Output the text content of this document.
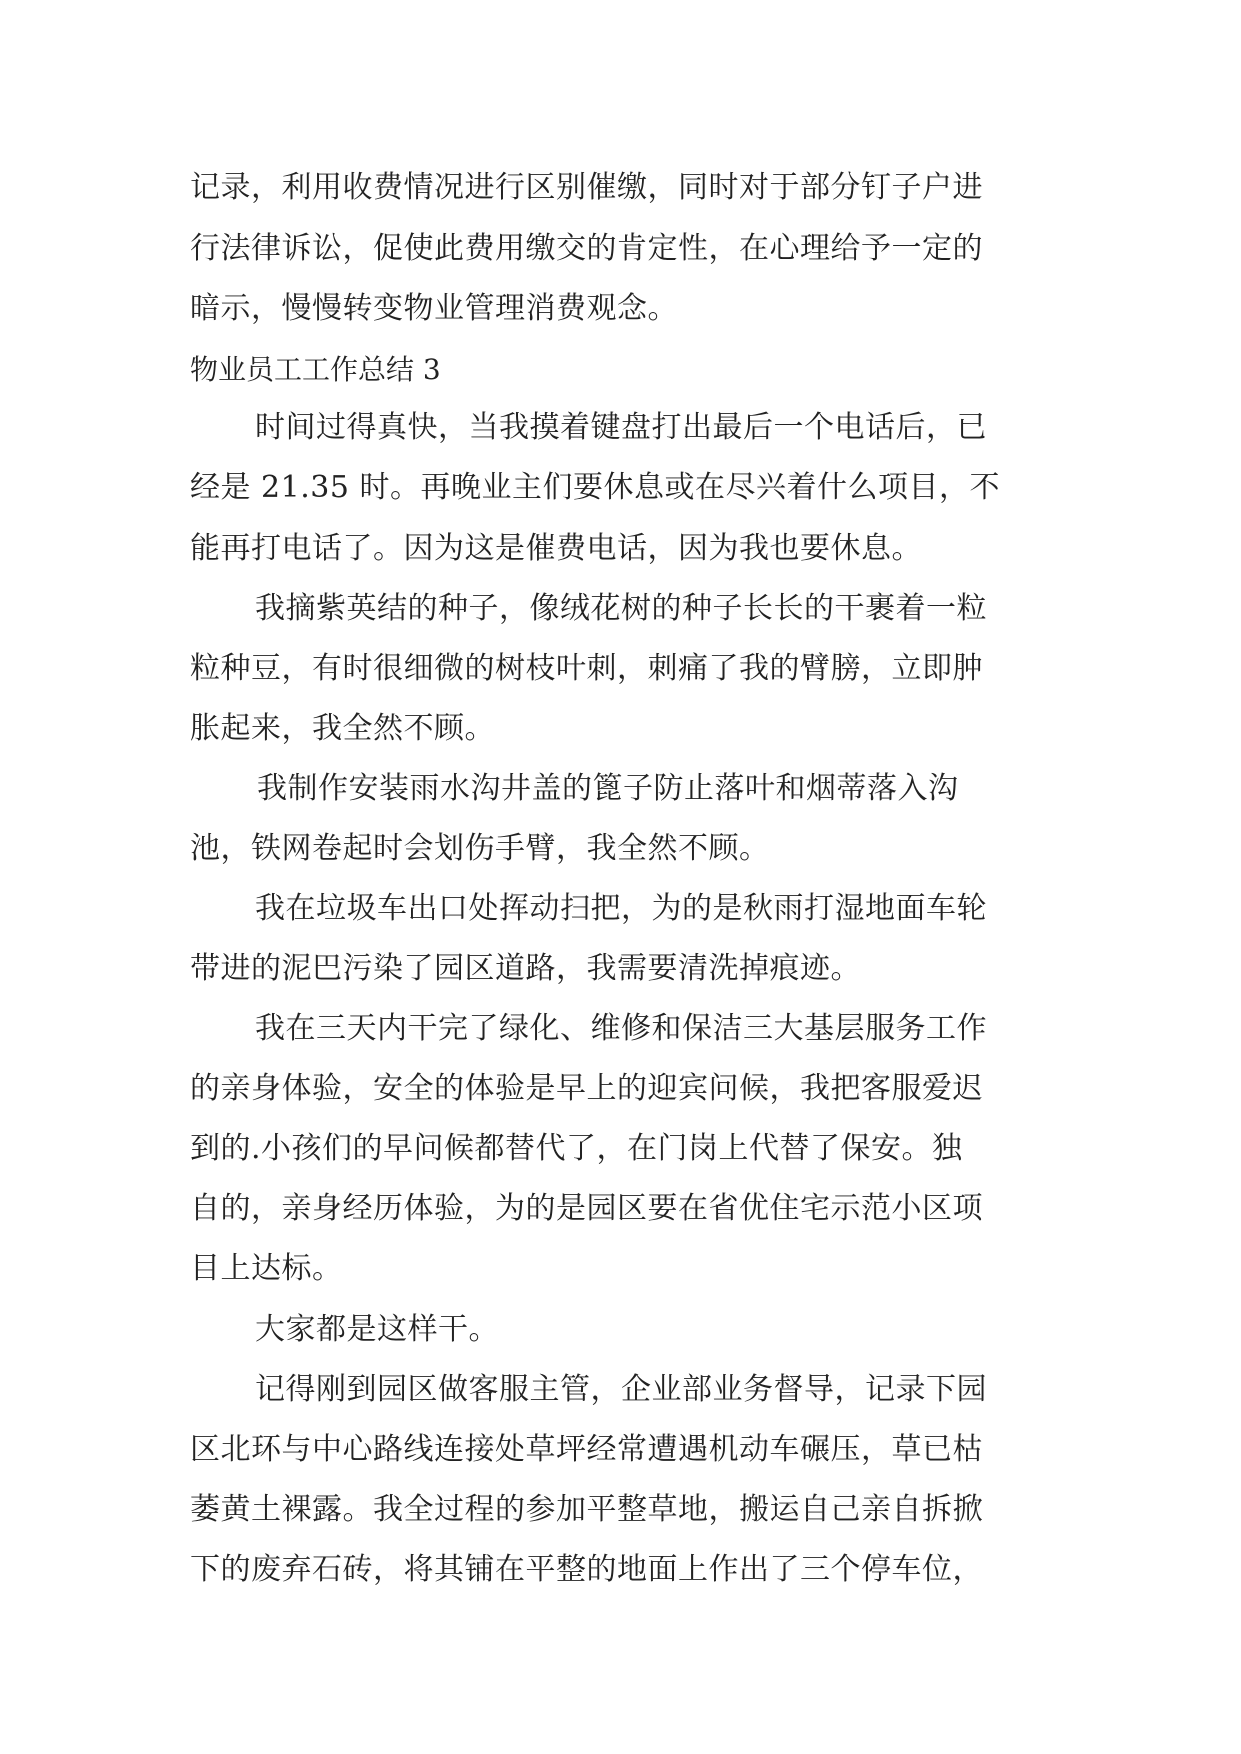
记录，利用收费情况进行区别催缴，同时对于部分钉子户进
行法律诉讼，促使此费用缴交的肯定性，在心理给予一定的
暗示，慢慢转变物业管理消费观念。
物业员工工作总结 3
时间过得真快，当我摸着键盘打出最后一个电话后，已
经是 21.35 时。再晚业主们要休息或在尽兴着什么项目，不
能再打电话了。因为这是催费电话，因为我也要休息。
我摘紫英结的种子，像绒花树的种子长长的干裹着一粒
粒种豆，有时很细微的树枝叶刺，刺痛了我的臂膀，立即肿
胀起来，我全然不顾。
我制作安装雨水沟井盖的篦子防止落叶和烟蒂落入沟
池，铁网卷起时会划伤手臂，我全然不顾。
我在垃圾车出口处挥动扫把，为的是秋雨打湿地面车轮
带进的泥巴污染了园区道路，我需要清洗掉痕迹。
我在三天内干完了绿化、维修和保洁三大基层服务工作
的亲身体验，安全的体验是早上的迎宾问候，我把客服爱迟
到的.小孩们的早问候都替代了，在门岗上代替了保安。独
自的，亲身经历体验，为的是园区要在省优住宅示范小区项
目上达标。
大家都是这样干。
记得刚到园区做客服主管，企业部业务督导，记录下园
区北环与中心路线连接处草坪经常遭遇机动车碾压，草已枯
萎黄土裸露。我全过程的参加平整草地，搬运自己亲自拆掀
下的废弃石砖，将其铺在平整的地面上作出了三个停车位，
